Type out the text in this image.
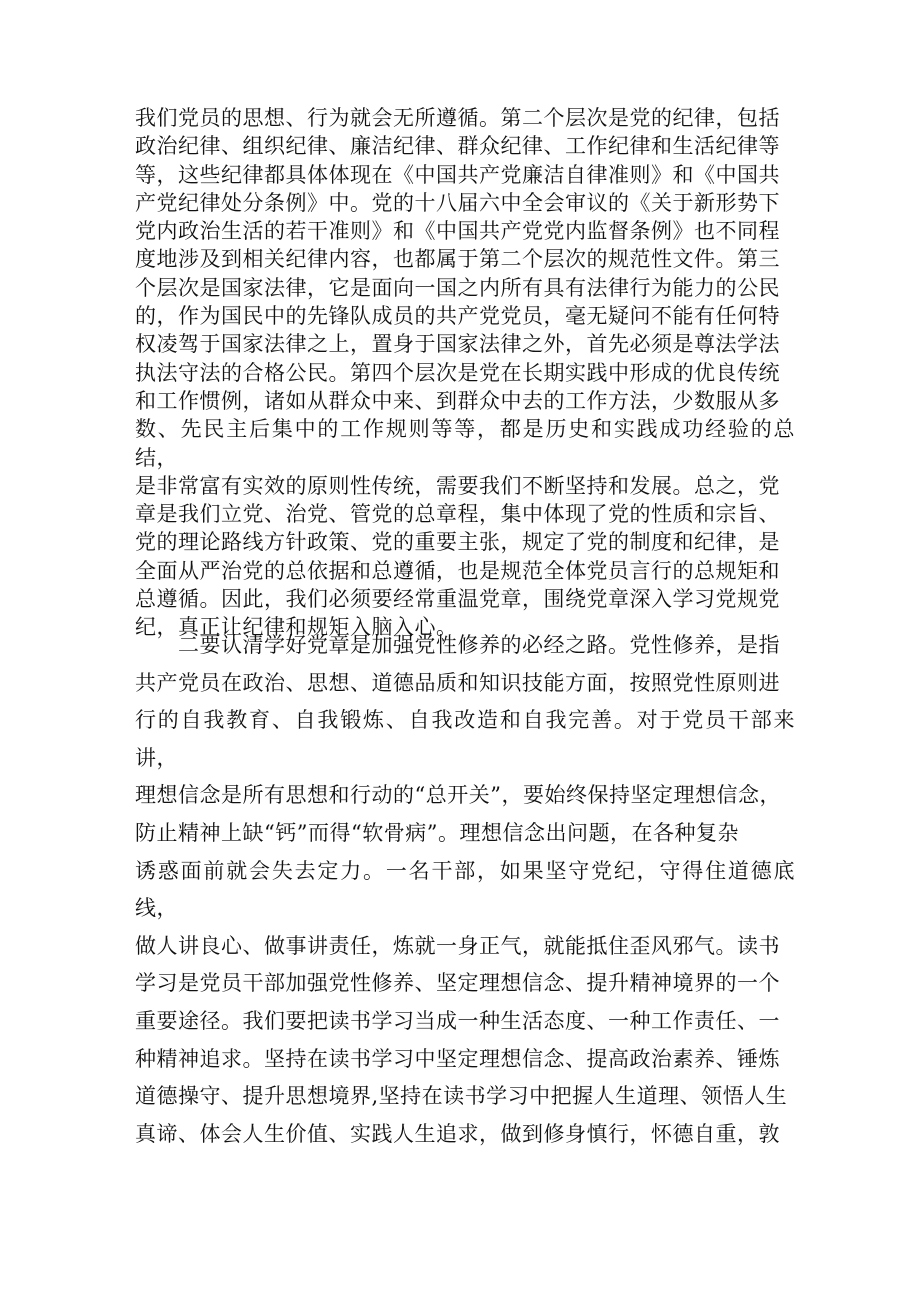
我们党员的思想、行为就会无所遵循。第二个层次是党的纪律，包括
政治纪律、组织纪律、廉洁纪律、群众纪律、工作纪律和生活纪律等
等，这些纪律都具体体现在《中国共产党廉洁自律准则》和《中国共
产党纪律处分条例》中。党的十八届六中全会审议的《关于新形势下
党内政治生活的若干准则》和《中国共产党党内监督条例》也不同程
度地涉及到相关纪律内容，也都属于第二个层次的规范性文件。第三
个层次是国家法律，它是面向一国之内所有具有法律行为能力的公民
的，作为国民中的先锋队成员的共产党党员，毫无疑问不能有任何特
权凌驾于国家法律之上，置身于国家法律之外，首先必须是尊法学法
执法守法的合格公民。第四个层次是党在长期实践中形成的优良传统
和工作惯例，诸如从群众中来、到群众中去的工作方法，少数服从多
数、先民主后集中的工作规则等等，都是历史和实践成功经验的总结，
是非常富有实效的原则性传统，需要我们不断坚持和发展。总之，党
章是我们立党、治党、管党的总章程，集中体现了党的性质和宗旨、
党的理论路线方针政策、党的重要主张，规定了党的制度和纪律，是
全面从严治党的总依据和总遵循，也是规范全体党员言行的总规矩和
总遵循。因此，我们必须要经常重温党章，围绕党章深入学习党规党
纪，真正让纪律和规矩入脑入心。

　　二要认清学好党章是加强党性修养的必经之路。党性修养，是指
共产党员在政治、思想、道德品质和知识技能方面，按照党性原则进
行的自我教育、自我锻炼、自我改造和自我完善。对于党员干部来讲，
理想信念是所有思想和行动的“总开关”，要始终保持坚定理想信念，
防止精神上缺“钙”而得“软骨病”。理想信念出问题，在各种复杂
诱惑面前就会失去定力。一名干部，如果坚守党纪，守得住道德底线，
做人讲良心、做事讲责任，炼就一身正气，就能抵住歪风邪气。读书
学习是党员干部加强党性修养、坚定理想信念、提升精神境界的一个
重要途径。我们要把读书学习当成一种生活态度、一种工作责任、一
种精神追求。坚持在读书学习中坚定理想信念、提高政治素养、锤炼
道德操守、提升思想境界,坚持在读书学习中把握人生道理、领悟人生
真谛、体会人生价值、实践人生追求，做到修身慎行，怀德自重，敦
